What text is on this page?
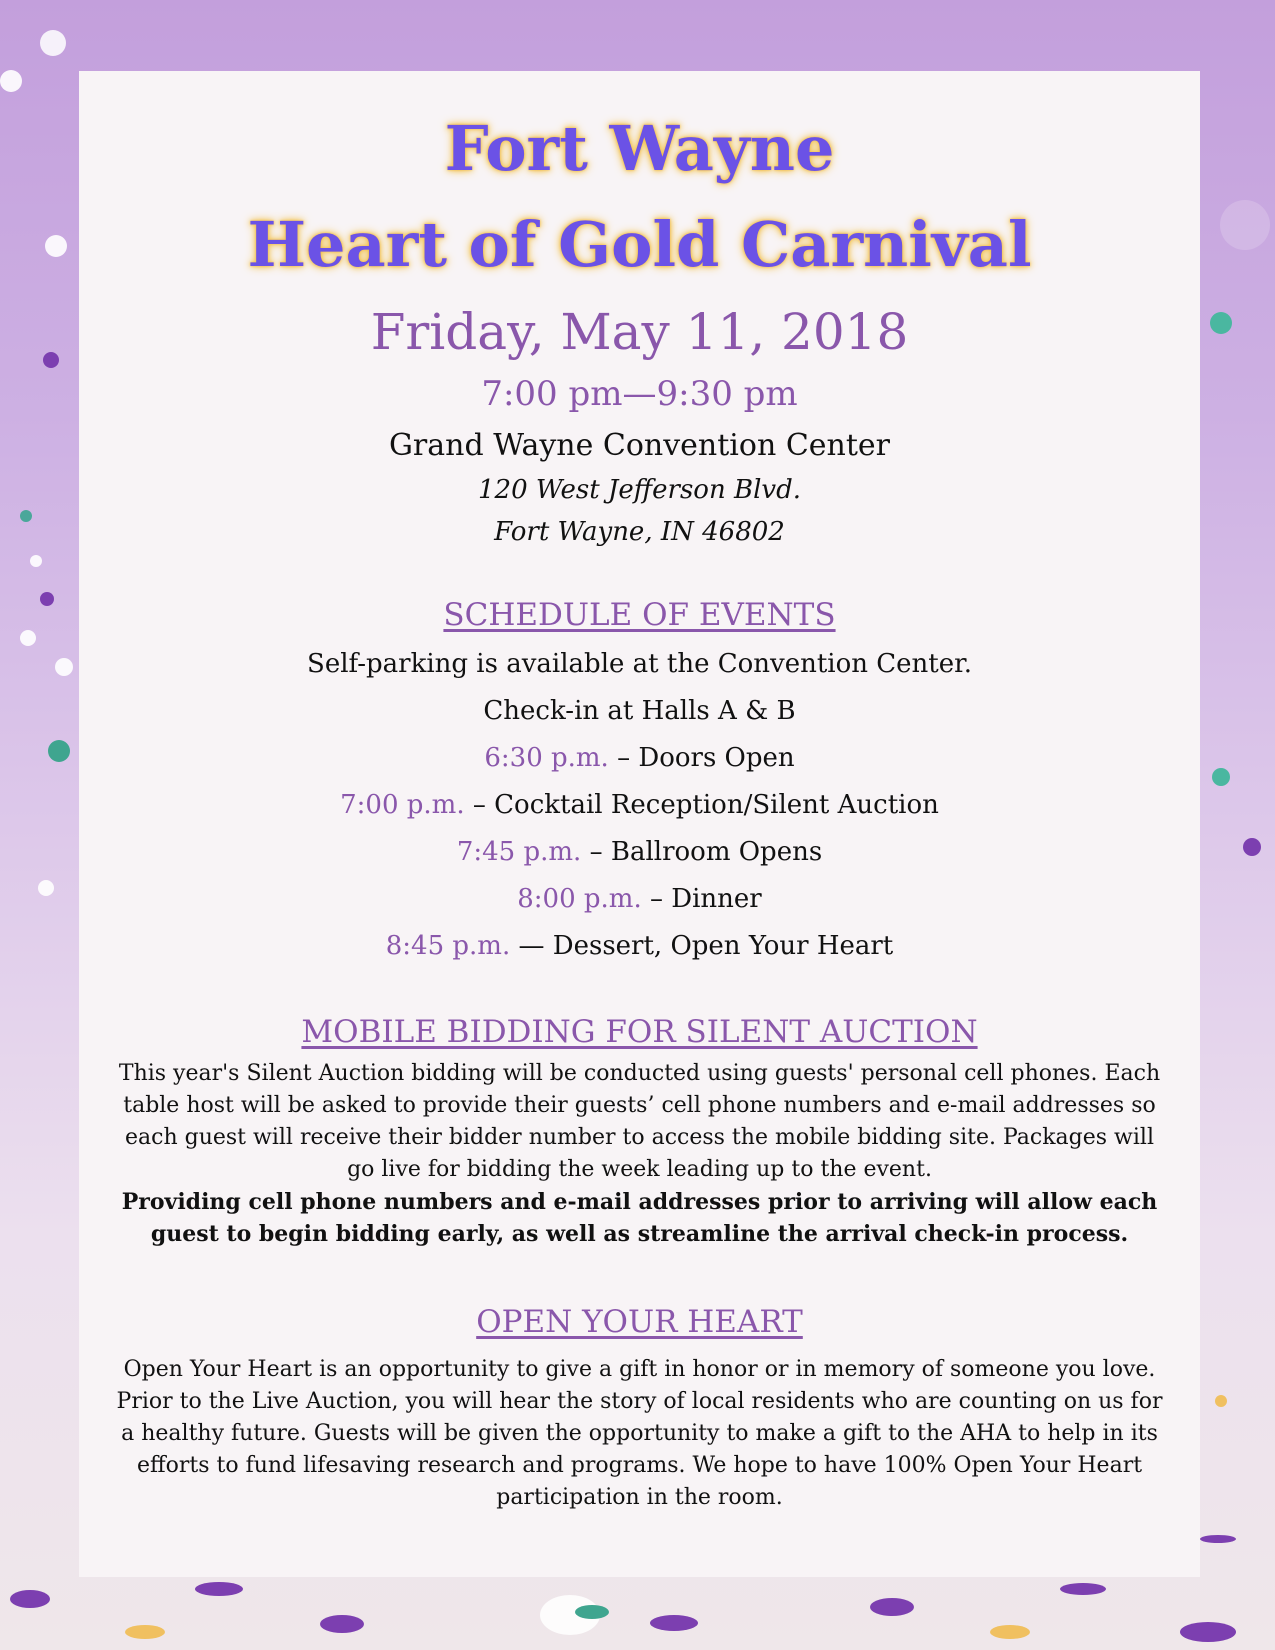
Fort Wayne
Heart of Gold Carnival
Friday, May 11, 2018
7:00 pm—9:30 pm
Grand Wayne Convention Center
120 West Jefferson Blvd.
Fort Wayne, IN 46802
SCHEDULE OF EVENTS
Self-parking is available at the Convention Center.
Check-in at Halls A & B
6:30 p.m. – Doors Open
7:00 p.m. – Cocktail Reception/Silent Auction
7:45 p.m. – Ballroom Opens
8:00 p.m. – Dinner
8:45 p.m. — Dessert, Open Your Heart
MOBILE BIDDING FOR SILENT AUCTION

This year's Silent Auction bidding will be conducted using guests' personal cell phones. Each table host will be asked to provide their guests’ cell phone numbers and e-mail addresses so each guest will receive their bidder number to access the mobile bidding site. Packages will go live for bidding the week leading up to the event.

Providing cell phone numbers and e-mail addresses prior to arriving will allow each guest to begin bidding early, as well as streamline the arrival check-in process.

OPEN YOUR HEART

Open Your Heart is an opportunity to give a gift in honor or in memory of someone you love. Prior to the Live Auction, you will hear the story of local residents who are counting on us for a healthy future. Guests will be given the opportunity to make a gift to the AHA to help in its efforts to fund lifesaving research and programs. We hope to have 100% Open Your Heart participation in the room.
